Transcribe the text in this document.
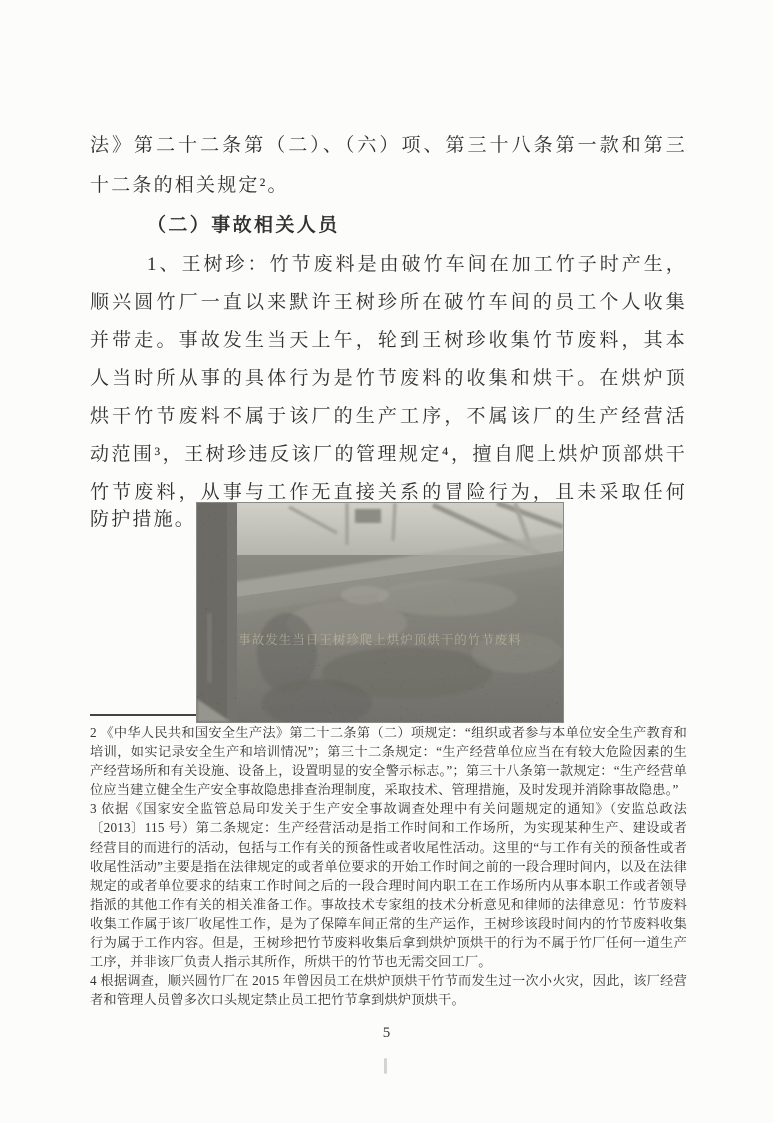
法》第二十二条第（二）、（六）项、第三十八条第一款和第三
十二条的相关规定²。
（二）事故相关人员
1、王树珍：竹节废料是由破竹车间在加工竹子时产生，
顺兴圆竹厂一直以来默许王树珍所在破竹车间的员工个人收集
并带走。事故发生当天上午，轮到王树珍收集竹节废料，其本
人当时所从事的具体行为是竹节废料的收集和烘干。在烘炉顶
烘干竹节废料不属于该厂的生产工序，不属该厂的生产经营活
动范围³，王树珍违反该厂的管理规定⁴，擅自爬上烘炉顶部烘干
竹节废料，从事与工作无直接关系的冒险行为，且未采取任何
防护措施。
事故发生当日王树珍爬上烘炉顶烘干的竹节废料

2 《中华人民共和国安全生产法》第二十二条第（二）项规定：“组织或者参与本单位安全生产教育和培训，如实记录安全生产和培训情况”；第三十二条规定：“生产经营单位应当在有较大危险因素的生产经营场所和有关设施、设备上，设置明显的安全警示标志。”；第三十八条第一款规定：“生产经营单位应当建立健全生产安全事故隐患排查治理制度，采取技术、管理措施，及时发现并消除事故隐患。”

3 依据《国家安全监管总局印发关于生产安全事故调查处理中有关问题规定的通知》（安监总政法〔2013〕115 号）第二条规定：生产经营活动是指工作时间和工作场所，为实现某种生产、建设或者经营目的而进行的活动，包括与工作有关的预备性或者收尾性活动。这里的“与工作有关的预备性或者收尾性活动”主要是指在法律规定的或者单位要求的开始工作时间之前的一段合理时间内，以及在法律规定的或者单位要求的结束工作时间之后的一段合理时间内职工在工作场所内从事本职工作或者领导指派的其他工作有关的相关准备工作。事故技术专家组的技术分析意见和律师的法律意见：竹节废料收集工作属于该厂收尾性工作，是为了保障车间正常的生产运作，王树珍该段时间内的竹节废料收集行为属于工作内容。但是，王树珍把竹节废料收集后拿到烘炉顶烘干的行为不属于竹厂任何一道生产工序，并非该厂负责人指示其所作，所烘干的竹节也无需交回工厂。

4 根据调查，顺兴圆竹厂在 2015 年曾因员工在烘炉顶烘干竹节而发生过一次小火灾，因此，该厂经营者和管理人员曾多次口头规定禁止员工把竹节拿到烘炉顶烘干。

5
